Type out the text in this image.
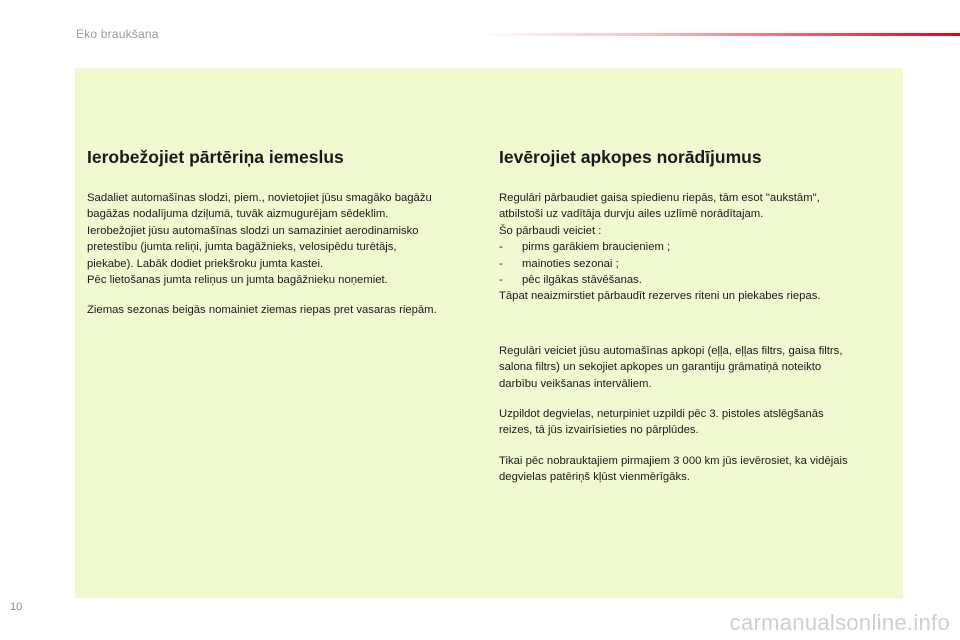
Eko braukšana
Ierobežojiet pārtēriņa iemeslus

Sadaliet automašīnas slodzi, piem., novietojiet jūsu smagāko bagāžu
bagāžas nodalījuma dziļumā, tuvāk aizmugurējam sēdeklim.
Ierobežojiet jūsu automašīnas slodzi un samaziniet aerodinamisko
pretestību (jumta reliņi, jumta bagāžnieks, velosipēdu turētājs,
piekabe). Labāk dodiet priekšroku jumta kastei.
Pēc lietošanas jumta reliņus un jumta bagāžnieku noņemiet.

Ziemas sezonas beigās nomainiet ziemas riepas pret vasaras riepām.

Ievērojiet apkopes norādījumus

Regulāri pārbaudiet gaisa spiedienu riepās, tām esot "aukstām",
atbilstoši uz vadītāja durvju ailes uzlīmē norādītajam.
Šo pārbaudi veiciet :

-	pirms garākiem braucieniem ;

-	mainoties sezonai ;

-	pēc ilgākas stāvēšanas.

Tāpat neaizmirstiet pārbaudīt rezerves riteni un piekabes riepas.

Regulāri veiciet jūsu automašīnas apkopi (eļļa, eļļas filtrs, gaisa filtrs,
salona filtrs) un sekojiet apkopes un garantiju grāmatiņā noteikto
darbību veikšanas intervāliem.

Uzpildot degvielas, neturpiniet uzpildi pēc 3. pistoles atslēgšanās
reizes, tā jūs izvairīsieties no pārplūdes.

Tikai pēc nobrauktajiem pirmajiem 3 000 km jūs ievērosiet, ka vidējais
degvielas patēriņš kļūst vienmērīgāks.

10
carmanualsonline.info
